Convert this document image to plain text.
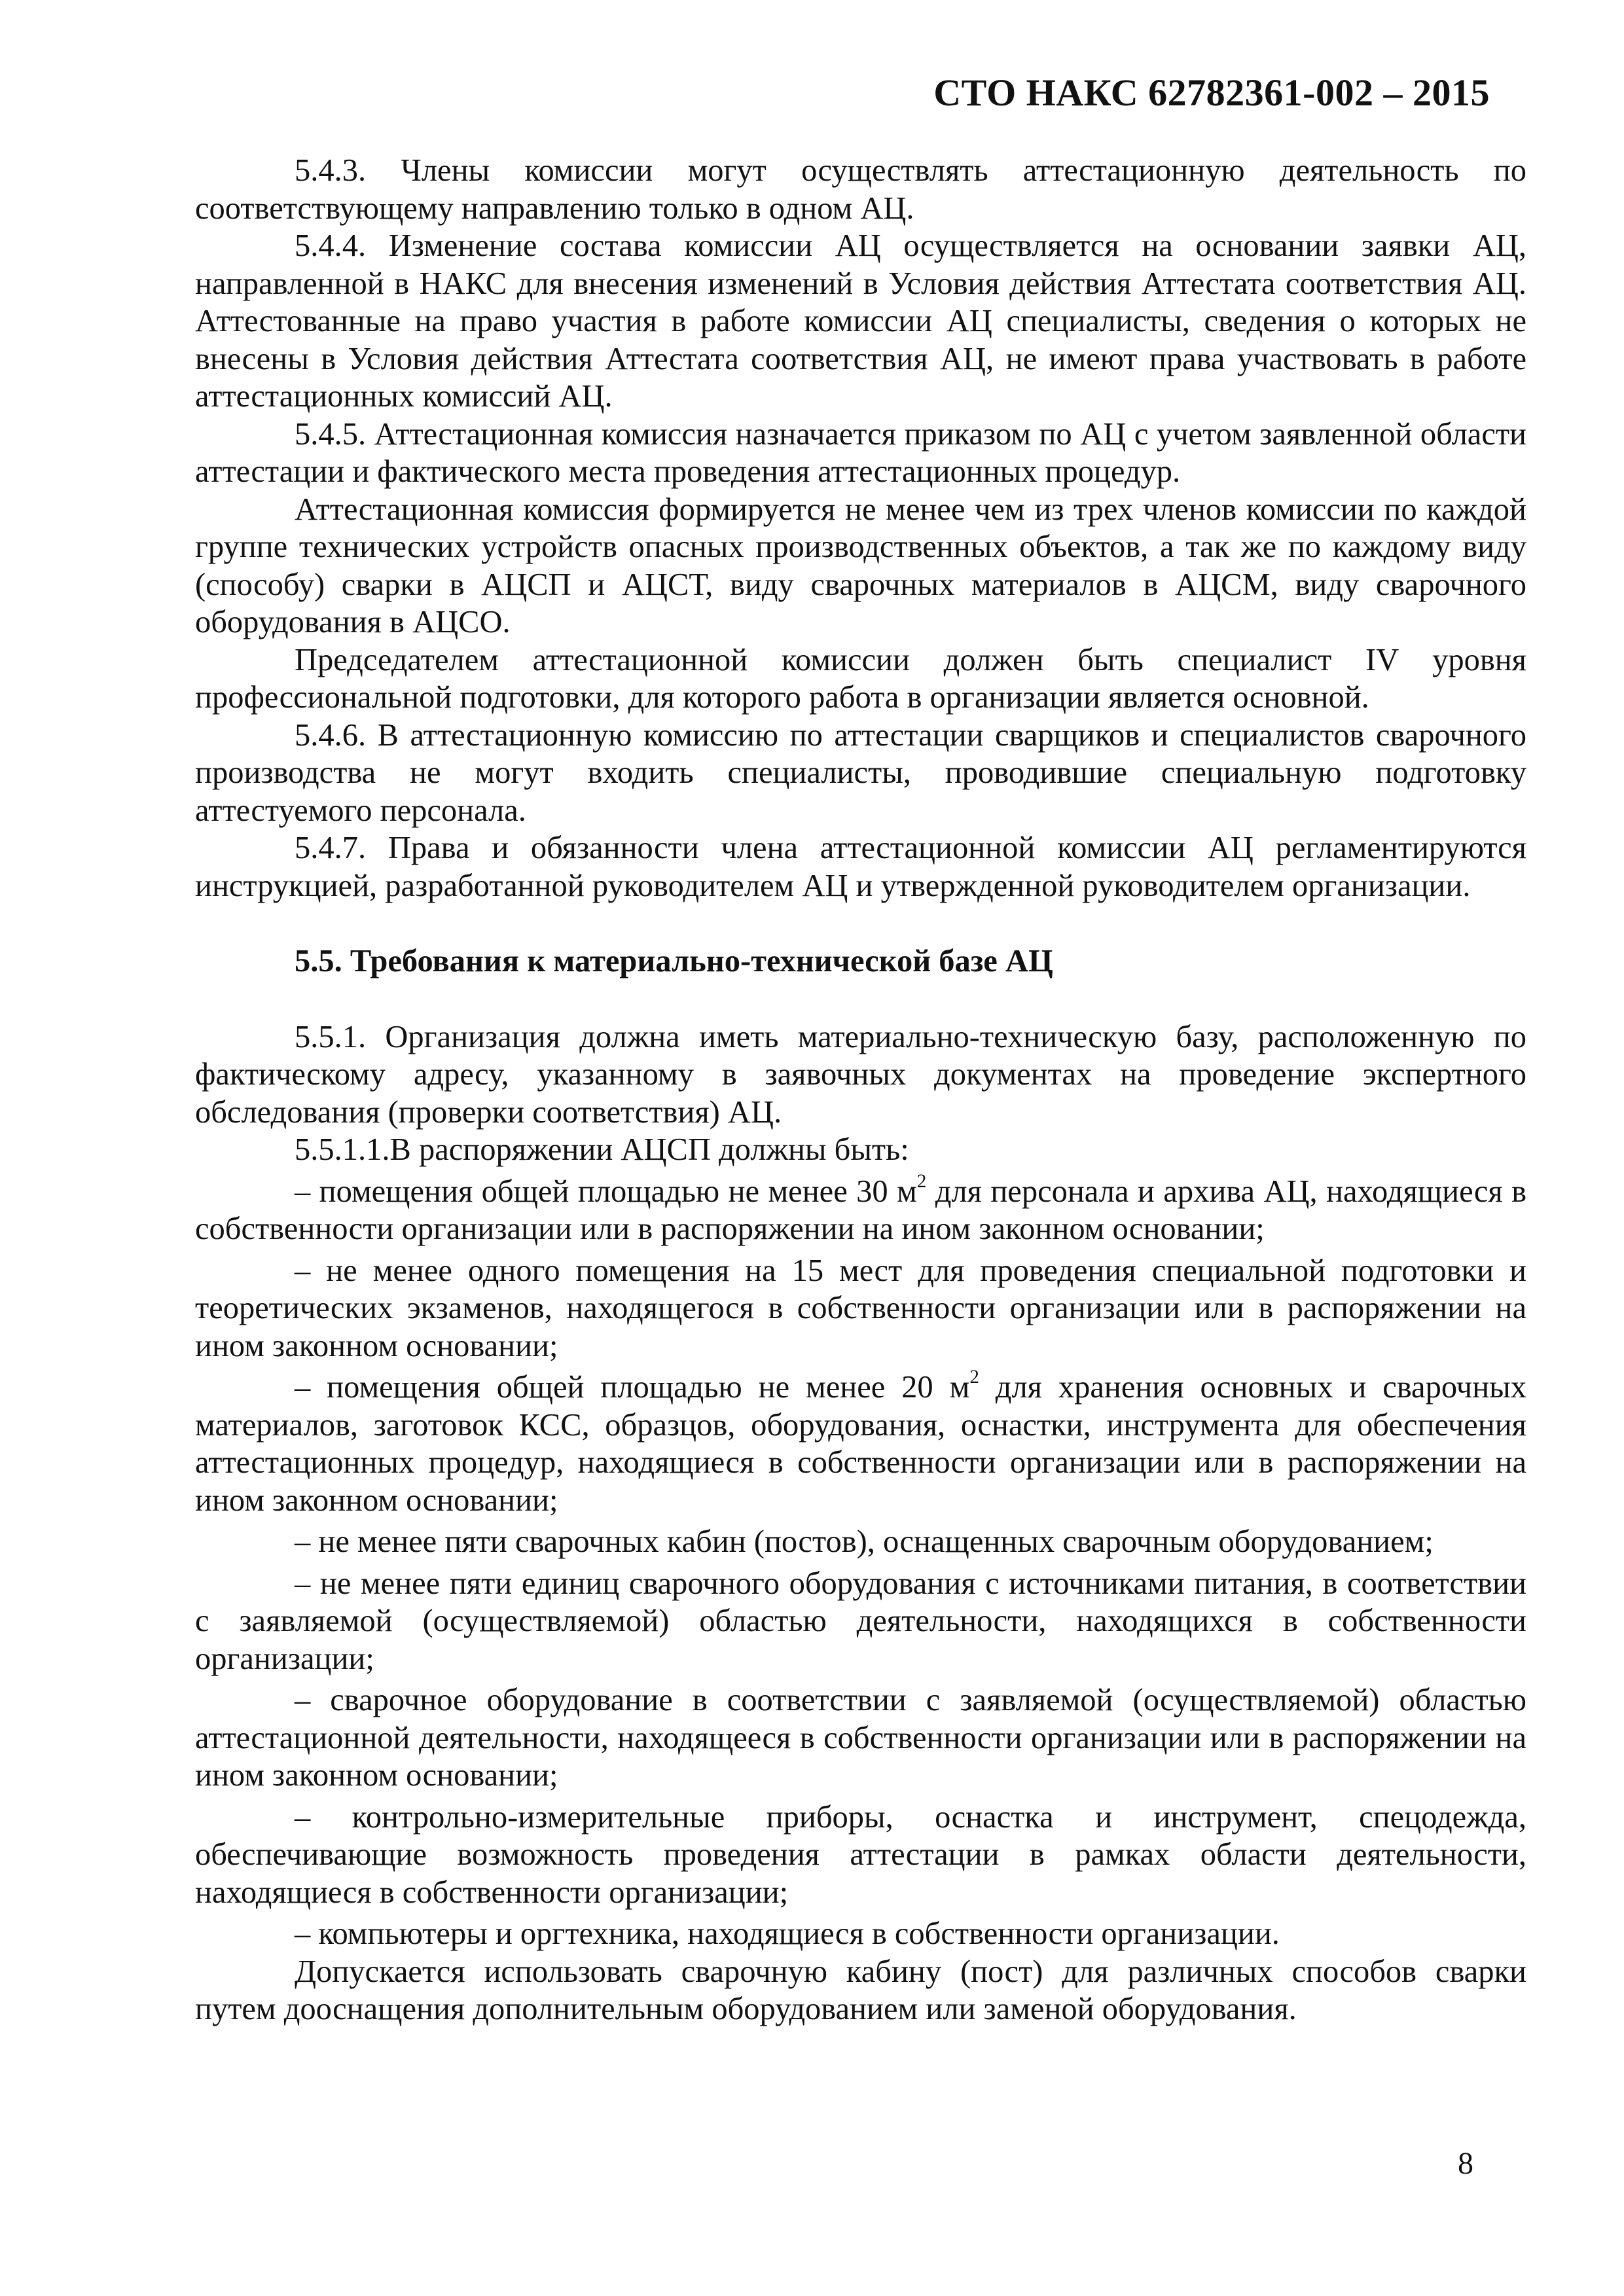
СТО НАКС 62782361-002 – 2015

5.4.3. Члены комиссии могут осуществлять аттестационную деятельность по соответствующему направлению только в одном АЦ.

5.4.4. Изменение состава комиссии АЦ осуществляется на основании заявки АЦ, направленной в НАКС для внесения изменений в Условия действия Аттестата соответствия АЦ. Аттестованные на право участия в работе комиссии АЦ специалисты, сведения о которых не внесены в Условия действия Аттестата соответствия АЦ, не имеют права участвовать в работе аттестационных комиссий АЦ.

5.4.5. Аттестационная комиссия назначается приказом по АЦ с учетом заявленной области аттестации и фактического места проведения аттестационных процедур.

Аттестационная комиссия формируется не менее чем из трех членов комиссии по каждой группе технических устройств опасных производственных объектов, а так же по каждому виду (способу) сварки в АЦСП и АЦСТ, виду сварочных материалов в АЦСМ, виду сварочного оборудования в АЦСО.

Председателем аттестационной комиссии должен быть специалист IV уровня профессиональной подготовки, для которого работа в организации является основной.

5.4.6. В аттестационную комиссию по аттестации сварщиков и специалистов сварочного производства не могут входить специалисты, проводившие специальную подготовку аттестуемого персонала.

5.4.7. Права и обязанности члена аттестационной комиссии АЦ регламентируются инструкцией, разработанной руководителем АЦ и утвержденной руководителем организации.

5.5. Требования к материально-технической базе АЦ

5.5.1. Организация должна иметь материально-техническую базу, расположенную по фактическому адресу, указанному в заявочных документах на проведение экспертного обследования (проверки соответствия) АЦ.

5.5.1.1.В распоряжении АЦСП должны быть:

– помещения общей площадью не менее 30 $м^2$ для персонала и архива АЦ, находящиеся в собственности организации или в распоряжении на ином законном основании;

– не менее одного помещения на 15 мест для проведения специальной подготовки и теоретических экзаменов, находящегося в собственности организации или в распоряжении на ином законном основании;

– помещения общей площадью не менее 20 $м^2$ для хранения основных и сварочных материалов, заготовок КСС, образцов, оборудования, оснастки, инструмента для обеспечения аттестационных процедур, находящиеся в собственности организации или в распоряжении на ином законном основании;

– не менее пяти сварочных кабин (постов), оснащенных сварочным оборудованием;

– не менее пяти единиц сварочного оборудования с источниками питания, в соответствии с заявляемой (осуществляемой) областью деятельности, находящихся в собственности организации;

– сварочное оборудование в соответствии с заявляемой (осуществляемой) областью аттестационной деятельности, находящееся в собственности организации или в распоряжении на ином законном основании;

– контрольно-измерительные приборы, оснастка и инструмент, спецодежда, обеспечивающие возможность проведения аттестации в рамках области деятельности, находящиеся в собственности организации;

– компьютеры и оргтехника, находящиеся в собственности организации.

Допускается использовать сварочную кабину (пост) для различных способов сварки путем дооснащения дополнительным оборудованием или заменой оборудования.

8
